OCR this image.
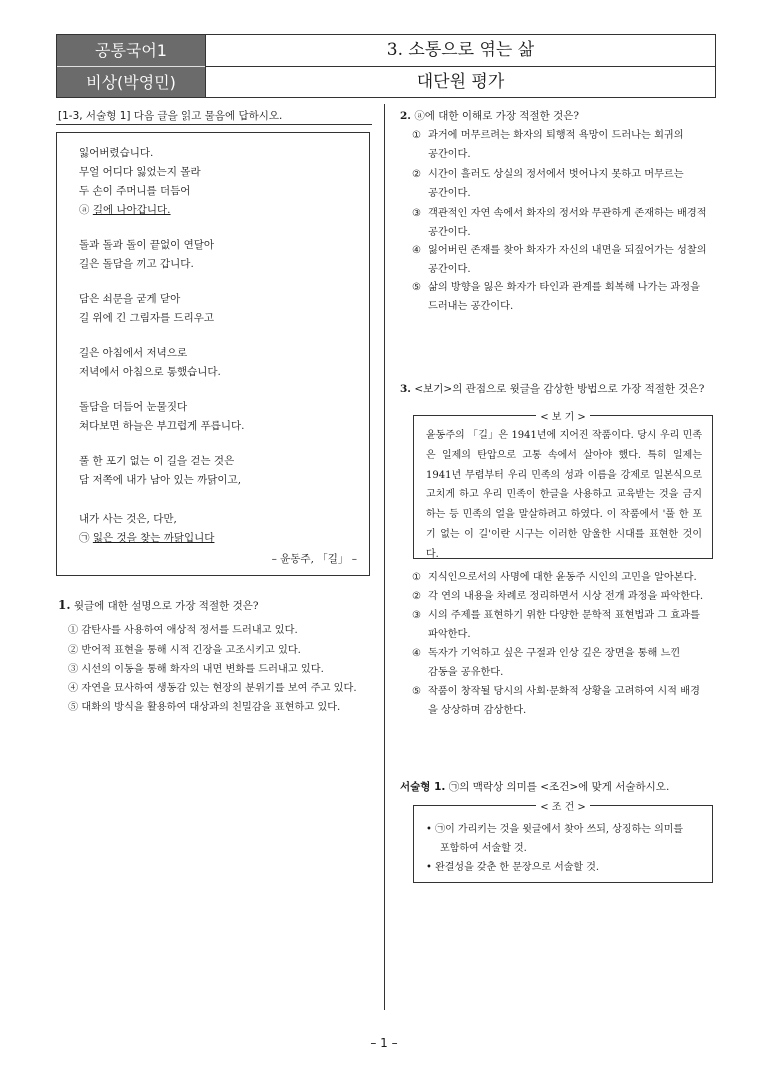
공통국어1
비상(박영민)
3. 소통으로 엮는 삶
대단원 평가
[1-3, 서술형 1] 다음 글을 읽고 물음에 답하시오.
잃어버렸습니다.
무얼 어디다 잃었는지 몰라
두 손이 주머니를 더듬어
ⓐ 길에 나아갑니다.
돌과 돌과 돌이 끝없이 연달아
길은 돌담을 끼고 갑니다.
담은 쇠문을 굳게 닫아
길 위에 긴 그림자를 드리우고
길은 아침에서 저녁으로
저녁에서 아침으로 통했습니다.
돌담을 더듬어 눈물짓다
쳐다보면 하늘은 부끄럽게 푸릅니다.
풀 한 포기 없는 이 길을 걷는 것은
담 저쪽에 내가 남아 있는 까닭이고,
내가 사는 것은, 다만,
㉠ 잃은 것을 찾는 까닭입니다
– 윤동주, 「길」 –
1. 윗글에 대한 설명으로 가장 적절한 것은?
① 감탄사를 사용하여 애상적 정서를 드러내고 있다.
② 반어적 표현을 통해 시적 긴장을 고조시키고 있다.
③ 시선의 이동을 통해 화자의 내면 변화를 드러내고 있다.
④ 자연을 묘사하여 생동감 있는 현장의 분위기를 보여 주고 있다.
⑤ 대화의 방식을 활용하여 대상과의 친밀감을 표현하고 있다.
2. ⓐ에 대한 이해로 가장 적절한 것은?
① 과거에 머무르려는 화자의 퇴행적 욕망이 드러나는 회귀의
공간이다.
② 시간이 흘러도 상실의 정서에서 벗어나지 못하고 머무르는
공간이다.
③ 객관적인 자연 속에서 화자의 정서와 무관하게 존재하는 배경적
공간이다.
④ 잃어버린 존재를 찾아 화자가 자신의 내면을 되짚어가는 성찰의
공간이다.
⑤ 삶의 방향을 잃은 화자가 타인과 관계를 회복해 나가는 과정을
드러내는 공간이다.
3. <보기>의 관점으로 윗글을 감상한 방법으로 가장 적절한 것은?
< 보 기 >
윤동주의 「길」은 1941년에 지어진 작품이다. 당시 우리 민족은 일제의 탄압으로 고통 속에서 살아야 했다. 특히 일제는 1941년 무렵부터 우리 민족의 성과 이름을 강제로 일본식으로 고치게 하고 우리 민족이 한글을 사용하고 교육받는 것을 금지하는 등 민족의 얼을 말살하려고 하였다. 이 작품에서 '풀 한 포기 없는 이 길'이란 시구는 이러한 암울한 시대를 표현한 것이다.
① 지식인으로서의 사명에 대한 윤동주 시인의 고민을 알아본다.
② 각 연의 내용을 차례로 정리하면서 시상 전개 과정을 파악한다.
③ 시의 주제를 표현하기 위한 다양한 문학적 표현법과 그 효과를
파악한다.
④ 독자가 기억하고 싶은 구절과 인상 깊은 장면을 통해 느낀
감동을 공유한다.
⑤ 작품이 창작될 당시의 사회·문화적 상황을 고려하여 시적 배경
을 상상하며 감상한다.
서술형 1. ㉠의 맥락상 의미를 <조건>에 맞게 서술하시오.
< 조 건 >
• ㉠이 가리키는 것을 윗글에서 찾아 쓰되, 상징하는 의미를
포함하여 서술할 것.
• 완결성을 갖춘 한 문장으로 서술할 것.
– 1 –
